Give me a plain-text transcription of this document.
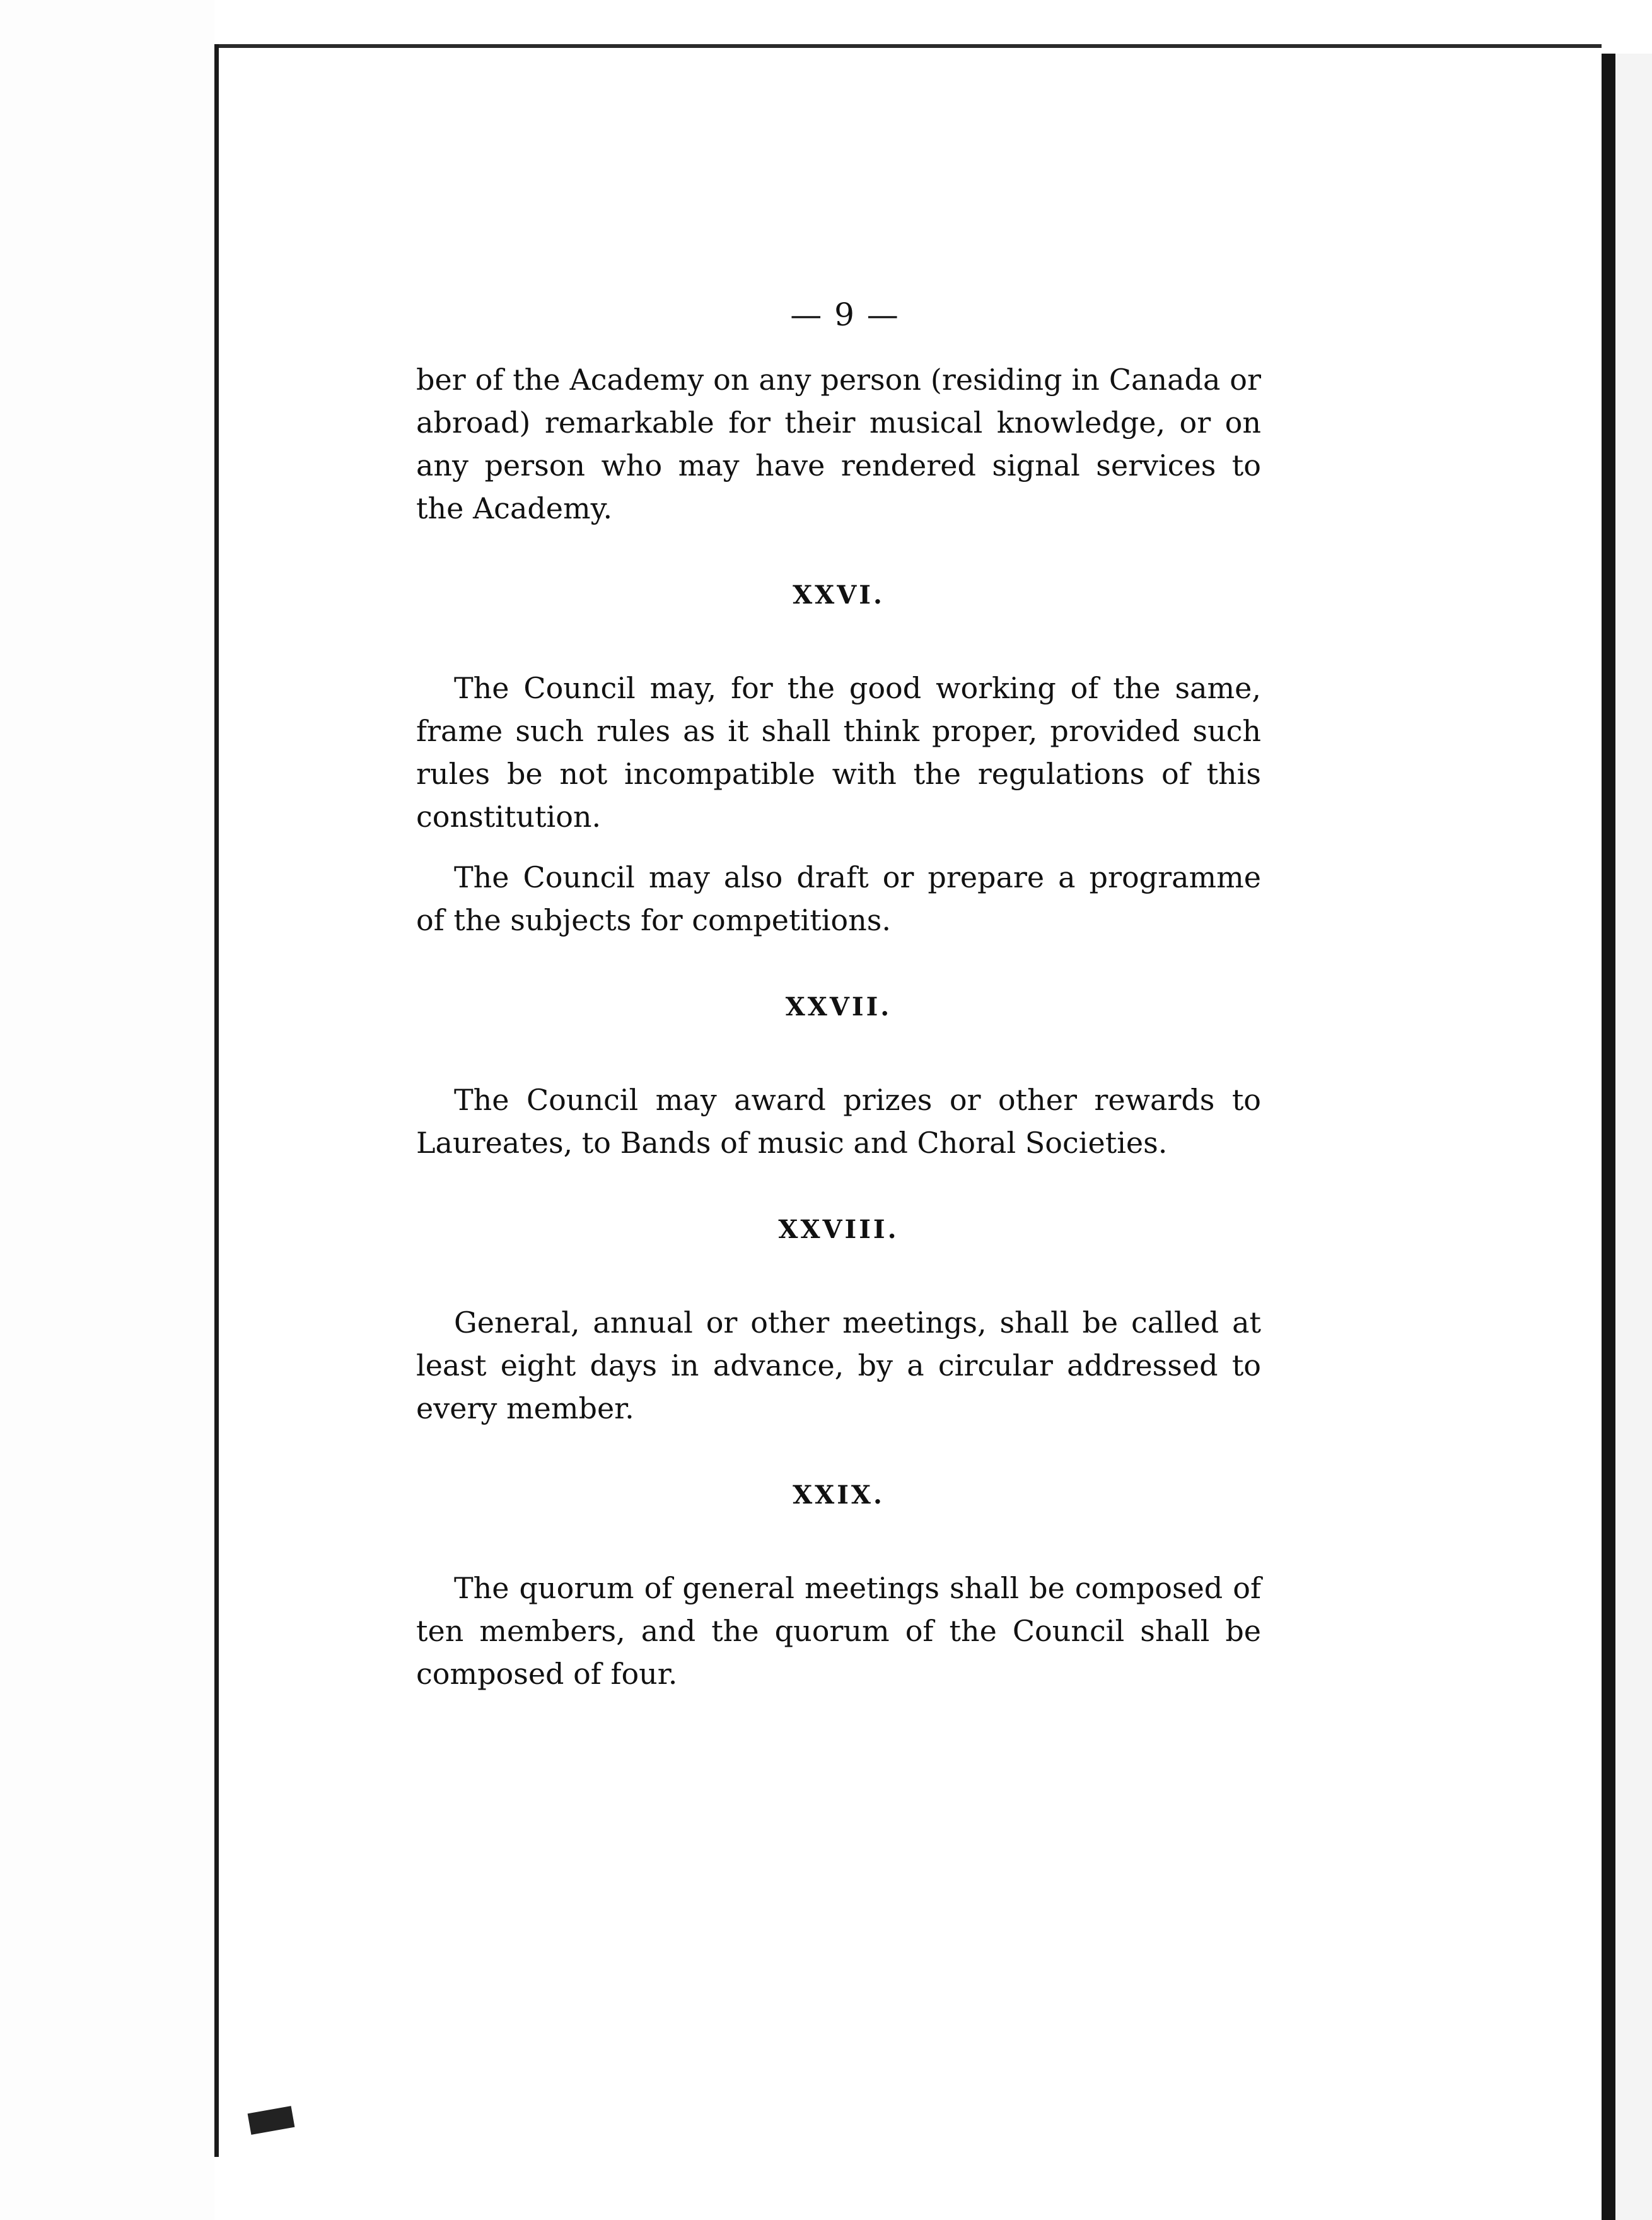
— 9 —

ber of the Academy on any person (residing in Canada or abroad) remarkable for their musical knowledge, or on any person who may have rendered signal services to the Academy.

XXVI.

The Council may, for the good working of the same, frame such rules as it shall think proper, provided such rules be not incompatible with the regulations of this constitution.

The Council may also draft or prepare a programme of the subjects for competitions.

XXVII.

The Council may award prizes or other rewards to Laureates, to Bands of music and Choral Societies.

XXVIII.

General, annual or other meetings, shall be called at least eight days in advance, by a circular addressed to every member.

XXIX.

The quorum of general meetings shall be composed of ten members, and the quorum of the Council shall be composed of four.
